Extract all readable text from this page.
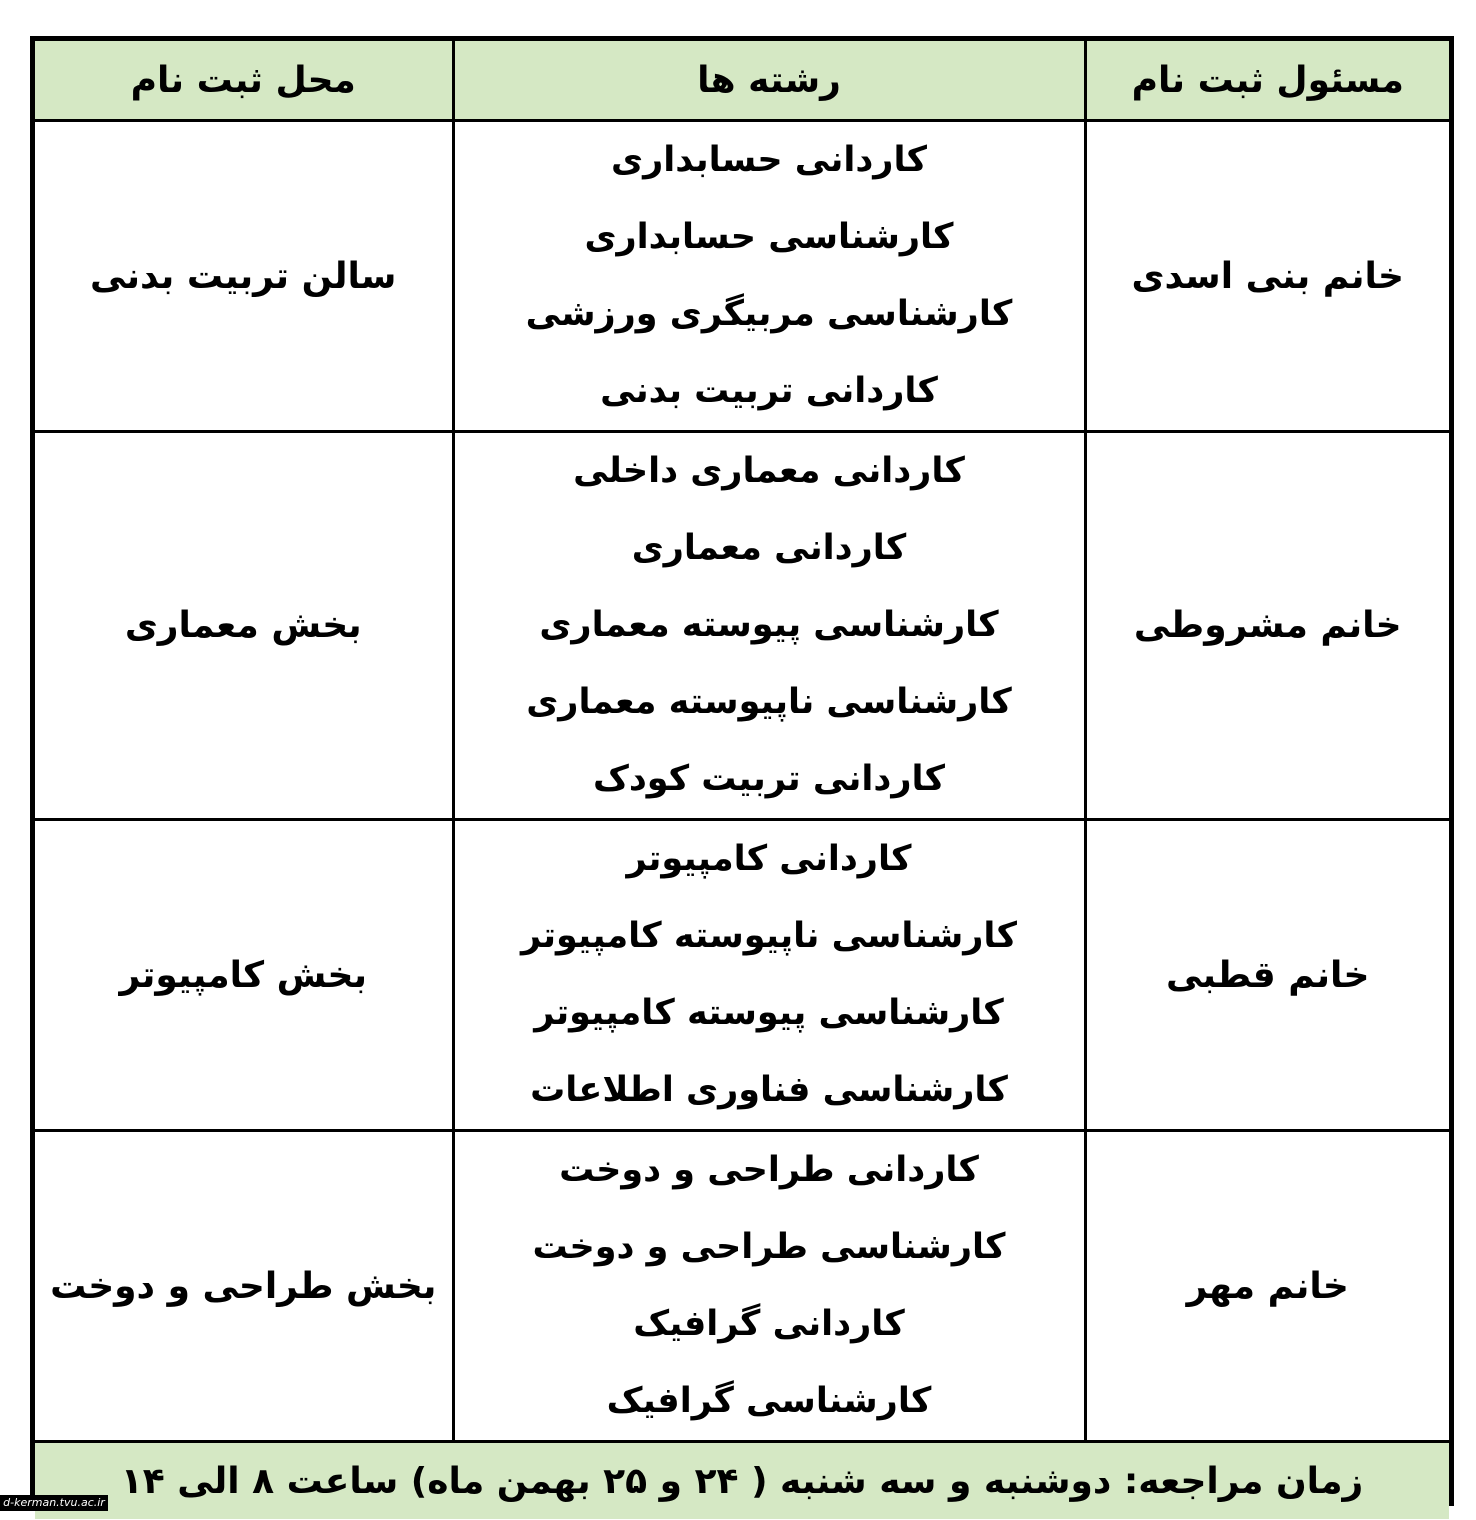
مسئول ثبت نام	رشته ها	محل ثبت نام
خانم بنی اسدی	کاردانی حسابداری
کارشناسی حسابداری
کارشناسی مربیگری ورزشی
کاردانی تربیت بدنی	سالن تربیت بدنی
خانم مشروطی	کاردانی معماری داخلی
کاردانی معماری
کارشناسی پیوسته معماری
کارشناسی ناپیوسته معماری
کاردانی تربیت کودک	بخش معماری
خانم قطبی	کاردانی کامپیوتر
کارشناسی ناپیوسته کامپیوتر
کارشناسی پیوسته کامپیوتر
کارشناسی فناوری اطلاعات	بخش کامپیوتر
خانم مهر	کاردانی طراحی و دوخت
کارشناسی طراحی و دوخت
کاردانی گرافیک
کارشناسی گرافیک	بخش طراحی و دوخت
زمان مراجعه: دوشنبه و سه شنبه ( ۲۴ و ۲۵ بهمن ماه) ساعت ۸ الی ۱۴		
d-kerman.tvu.ac.ir
